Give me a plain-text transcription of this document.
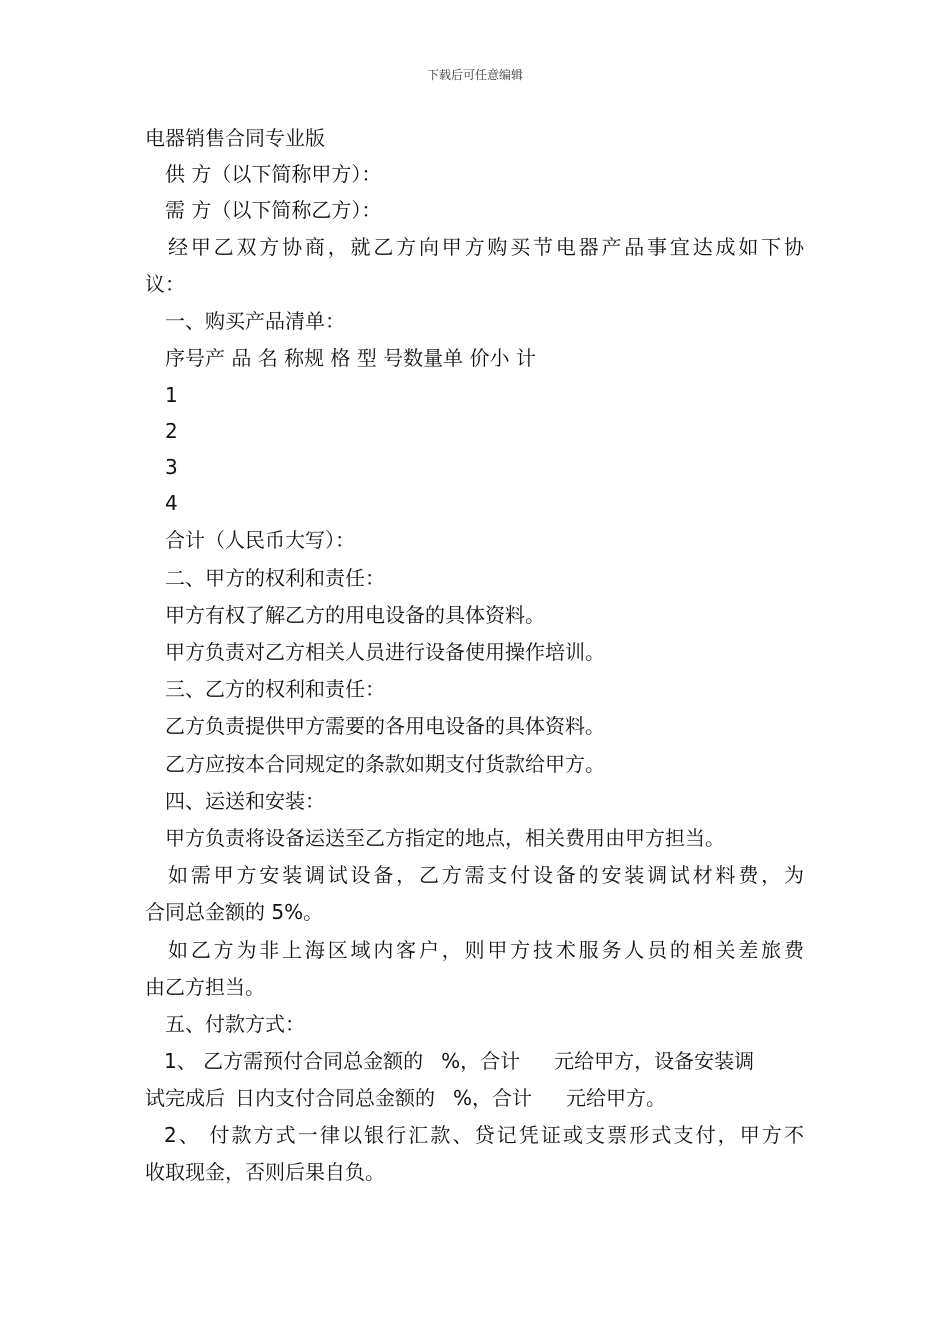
下载后可任意编辑
电器销售合同专业版
供 方（以下简称甲方）：
需 方（以下简称乙方）：
经甲乙双方协商，就乙方向甲方购买节电器产品事宜达成如下协
议：
一、购买产品清单：
序号产 品 名 称规 格 型 号数量单 价小 计
1
2
3
4
合计（人民币大写）：
二、甲方的权利和责任：
甲方有权了解乙方的用电设备的具体资料。
甲方负责对乙方相关人员进行设备使用操作培训。
三、乙方的权利和责任：
乙方负责提供甲方需要的各用电设备的具体资料。
乙方应按本合同规定的条款如期支付货款给甲方。
四、运送和安装：
甲方负责将设备运送至乙方指定的地点，相关费用由甲方担当。
如需甲方安装调试设备，乙方需支付设备的安装调试材料费，为
合同总金额的 5%。
如乙方为非上海区域内客户，则甲方技术服务人员的相关差旅费
由乙方担当。
五、付款方式：
1、 乙方需预付合同总金额的 %，合计 元给甲方，设备安装调
试完成后 日内支付合同总金额的 %，合计 元给甲方。
2、 付款方式一律以银行汇款、贷记凭证或支票形式支付，甲方不
收取现金，否则后果自负。
